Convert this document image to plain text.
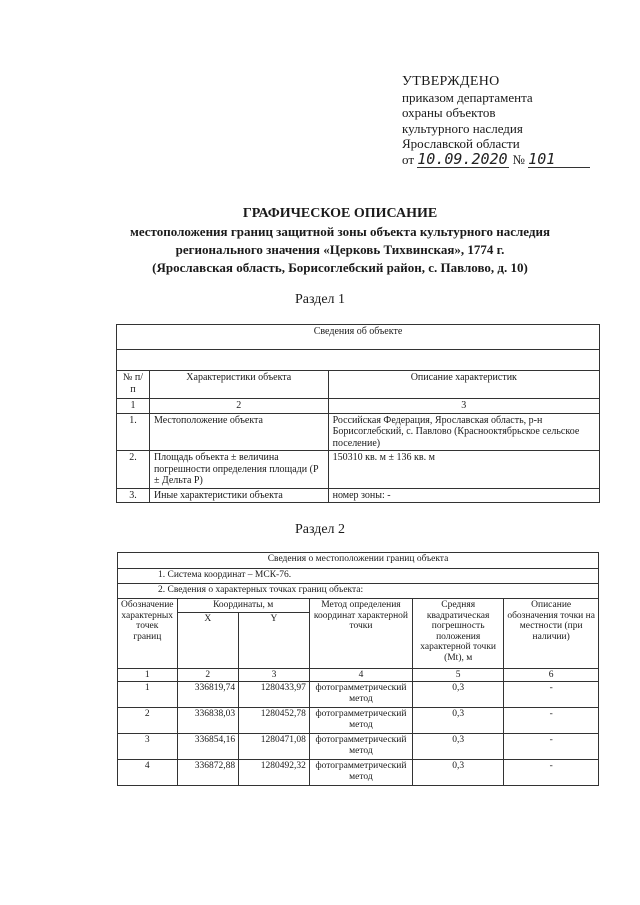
УТВЕРЖДЕНО
приказом департамента
охраны объектов
культурного наследия
Ярославской области
от 10.09.2020 № 101
ГРАФИЧЕСКОЕ ОПИСАНИЕ
местоположения границ защитной зоны объекта культурного наследия
регионального значения «Церковь Тихвинская», 1774 г.
(Ярославская область, Борисоглебский район, с. Павлово, д. 10)
Раздел 1
Сведения об объекте		

№ п/п	Характеристики объекта	Описание характеристик
1	2	3
1.	Местоположение объекта	Российская Федерация, Ярославская область, р-н Борисоглебский, с. Павлово (Краснооктябрьское сельское поселение)
2.	Площадь объекта ± величина погрешности определения площади (Р ± Дельта Р)	150310 кв. м ± 136 кв. м
3.	Иные характеристики объекта	номер зоны: -
Раздел 2
Сведения о местоположении границ объекта					
1. Система координат – МСК-76.					
2. Сведения о характерных точках границ объекта:					
Обозначение характерных точек границ	Координаты, м		Метод определения координат характерной точки	Средняя квадратическая погрешность положения характерной точки (Mt), м	Описание обозначения точки на местности (при наличии)
	X	Y			
1	2	3	4	5	6
1	336819,74	1280433,97	фотограмметрический метод	0,3	-
2	336838,03	1280452,78	фотограмметрический метод	0,3	-
3	336854,16	1280471,08	фотограмметрический метод	0,3	-
4	336872,88	1280492,32	фотограмметрический метод	0,3	-
